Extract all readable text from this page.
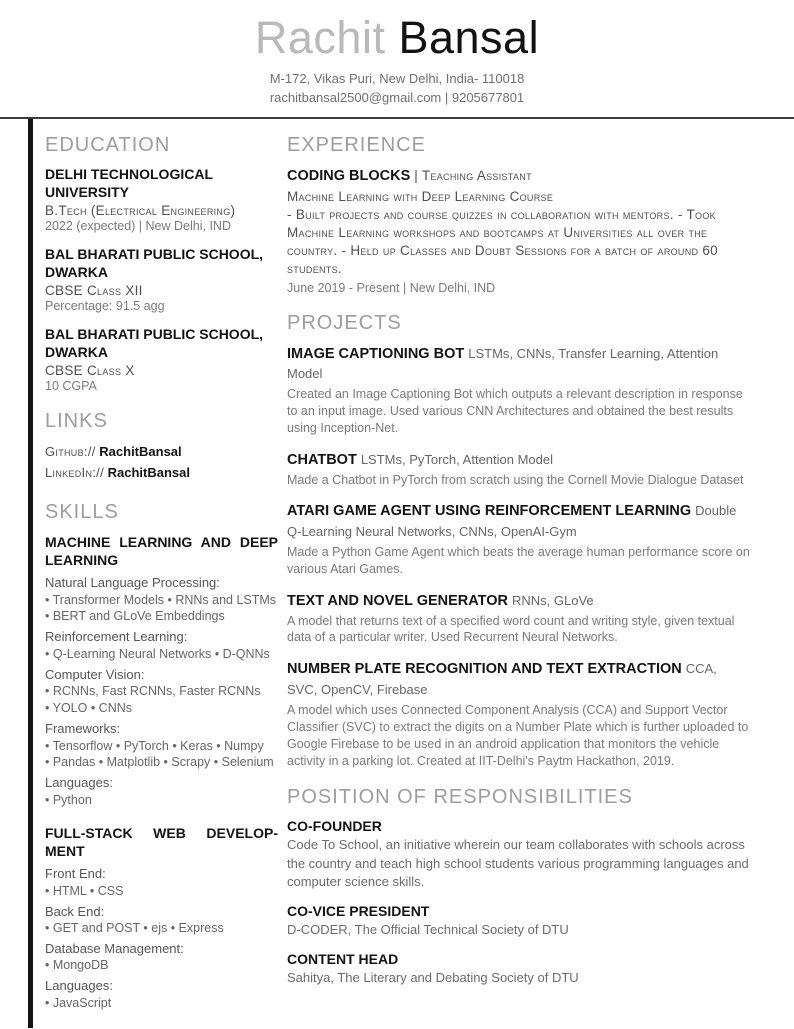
Rachit Bansal
M-172, Vikas Puri, New Delhi, India- 110018
rachitbansal2500@gmail.com | 9205677801
EDUCATION
DELHI TECHNOLOGICAL UNIVERSITY
B.Tech (Electrical Engineering)
2022 (expected) | New Delhi, IND
BAL BHARATI PUBLIC SCHOOL, DWARKA
CBSE Class XII
Percentage: 91.5 agg
BAL BHARATI PUBLIC SCHOOL, DWARKA
CBSE Class X
10 CGPA
LINKS
Github:// RachitBansal
LinkedIn:// RachitBansal
SKILLS
MACHINE LEARNING AND DEEP LEARNING
Natural Language Processing:
• Transformer Models • RNNs and LSTMs
• BERT and GLoVe Embeddings
Reinforcement Learning:
• Q-Learning Neural Networks • D-QNNs
Computer Vision:
• RCNNs, Fast RCNNs, Faster RCNNs
• YOLO • CNNs
Frameworks:
• Tensorflow • PyTorch • Keras • Numpy
• Pandas • Matplotlib • Scrapy • Selenium
Languages:
• Python
FULL-STACK WEB DEVELOPMENT
Front End:
• HTML • CSS
Back End:
• GET and POST • ejs • Express
Database Management:
• MongoDB
Languages:
• JavaScript
EXPERIENCE
CODING BLOCKS | Teaching Assistant
Machine Learning with Deep Learning Course
- Built projects and course quizzes in collaboration with mentors. - Took Machine Learning workshops and bootcamps at Universities all over the country. - Held up Classes and Doubt Sessions for a batch of around 60 students.
June 2019 - Present | New Delhi, IND
PROJECTS
IMAGE CAPTIONING BOT LSTMs, CNNs, Transfer Learning, Attention Model
Created an Image Captioning Bot which outputs a relevant description in response to an input image. Used various CNN Architectures and obtained the best results using Inception-Net.
CHATBOT LSTMs, PyTorch, Attention Model
Made a Chatbot in PyTorch from scratch using the Cornell Movie Dialogue Dataset
ATARI GAME AGENT USING REINFORCEMENT LEARNING Double Q-Learning Neural Networks, CNNs, OpenAI-Gym
Made a Python Game Agent which beats the average human performance score on various Atari Games.
TEXT AND NOVEL GENERATOR RNNs, GLoVe
A model that returns text of a specified word count and writing style, given textual data of a particular writer. Used Recurrent Neural Networks.
NUMBER PLATE RECOGNITION AND TEXT EXTRACTION CCA, SVC, OpenCV, Firebase
A model which uses Connected Component Analysis (CCA) and Support Vector Classifier (SVC) to extract the digits on a Number Plate which is further uploaded to Google Firebase to be used in an android application that monitors the vehicle activity in a parking lot. Created at IIT-Delhi's Paytm Hackathon, 2019.
POSITION OF RESPONSIBILITIES
CO-FOUNDER
Code To School, an initiative wherein our team collaborates with schools across the country and teach high school students various programming languages and computer science skills.
CO-VICE PRESIDENT
D-CODER, The Official Technical Society of DTU
CONTENT HEAD
Sahitya, The Literary and Debating Society of DTU
